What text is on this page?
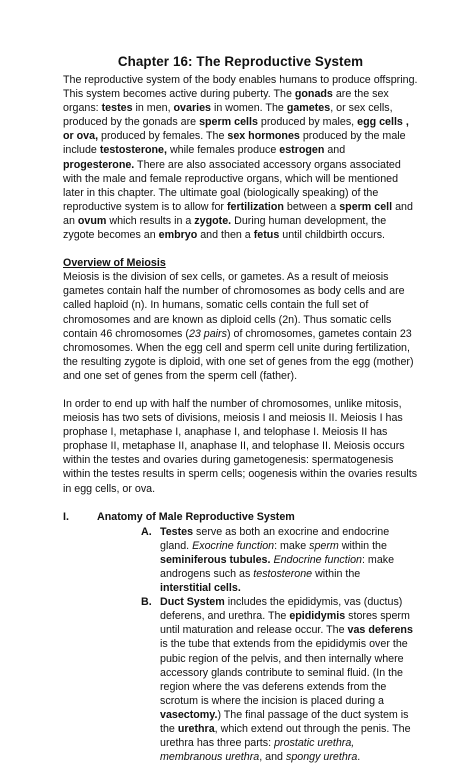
Chapter 16: The Reproductive System

The reproductive system of the body enables humans to produce offspring. This system becomes active during puberty. The gonads are the sex organs: testes in men, ovaries in women. The gametes, or sex cells, produced by the gonads are sperm cells produced by males, egg cells , or ova, produced by females. The sex hormones produced by the male include testosterone, while females produce estrogen and progesterone. There are also associated accessory organs associated with the male and female reproductive organs, which will be mentioned later in this chapter. The ultimate goal (biologically speaking) of the reproductive system is to allow for fertilization between a sperm cell and an ovum which results in a zygote. During human development, the zygote becomes an embryo and then a fetus until childbirth occurs.

Overview of Meiosis
Meiosis is the division of sex cells, or gametes. As a result of meiosis gametes contain half the number of chromosomes as body cells and are called haploid (n). In humans, somatic cells contain the full set of chromosomes and are known as diploid cells (2n). Thus somatic cells contain 46 chromosomes (23 pairs) of chromosomes, gametes contain 23 chromosomes. When the egg cell and sperm cell unite during fertilization, the resulting zygote is diploid, with one set of genes from the egg (mother) and one set of genes from the sperm cell (father).

In order to end up with half the number of chromosomes, unlike mitosis, meiosis has two sets of divisions, meiosis I and meiosis II. Meiosis I has prophase I, metaphase I, anaphase I, and telophase I. Meiosis II has prophase II, metaphase II, anaphase II, and telophase II. Meiosis occurs within the testes and ovaries during gametogenesis: spermatogenesis within the testes results in sperm cells; oogenesis within the ovaries results in egg cells, or ova.

I.	Anatomy of Male Reproductive System
A. Testes serve as both an exocrine and endocrine gland. Exocrine function: make sperm within the seminiferous tubules. Endocrine function: make androgens such as testosterone within the interstitial cells.
B. Duct System includes the epididymis, vas (ductus) deferens, and urethra. The epididymis stores sperm until maturation and release occur. The vas deferens is the tube that extends from the epididymis over the pubic region of the pelvis, and then internally where accessory glands contribute to seminal fluid. (In the region where the vas deferens extends from the scrotum is where the incision is placed during a vasectomy.) The final passage of the duct system is the urethra, which extend out through the penis. The urethra has three parts: prostatic urethra, membranous urethra, and spongy urethra.
